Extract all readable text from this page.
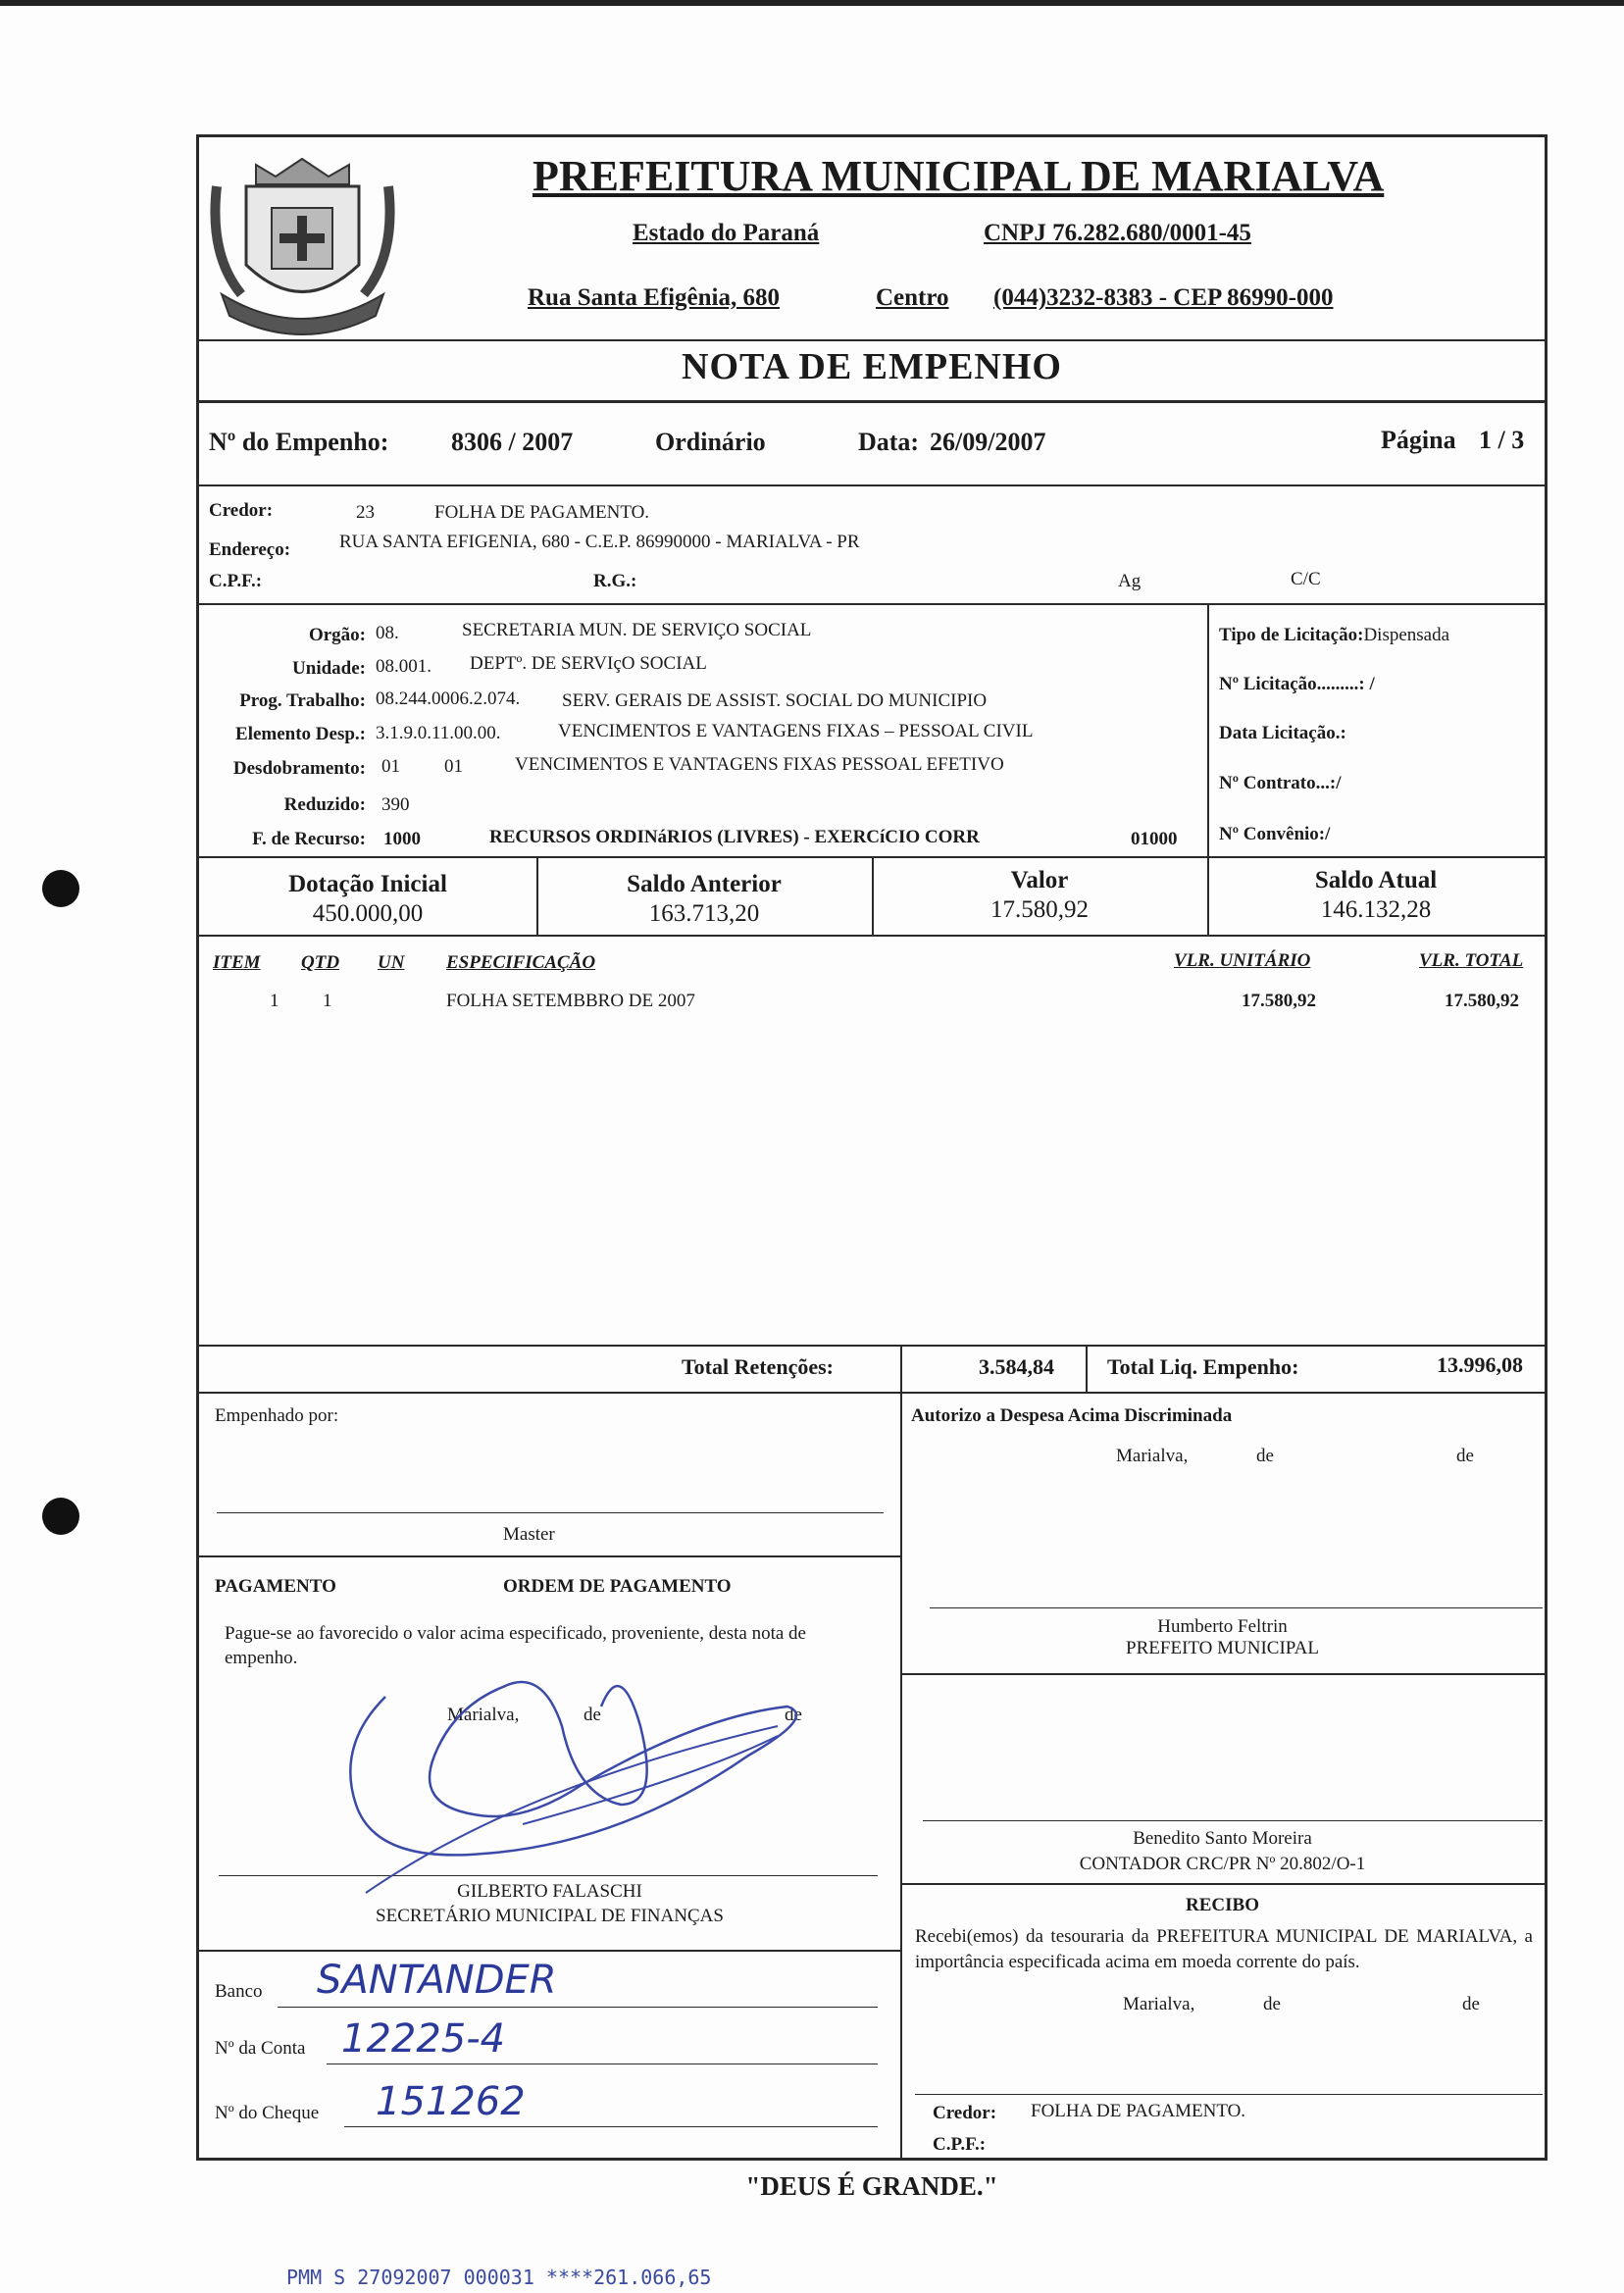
PREFEITURA MUNICIPAL DE MARIALVA
Estado do Paraná	CNPJ 76.282.680/0001-45
Rua Santa Efigênia, 680	Centro (044)3232-8383 - CEP 86990-000
NOTA DE EMPENHO
Nº do Empenho: 8306 / 2007	Ordinário	Data: 26/09/2007	Página 1 / 3
Credor:	23	FOLHA DE PAGAMENTO.
Endereço:	RUA SANTA EFIGENIA, 680 - C.E.P. 86990000 - MARIALVA - PR
C.P.F.:	R.G.:	Ag	C/C
Orgão: 08.	SECRETARIA MUN. DE SERVIÇO SOCIAL
Unidade: 08.001. DEPTº. DE SERVIçO SOCIAL
Prog. Trabalho: 08.244.0006.2.074. SERV. GERAIS DE ASSIST. SOCIAL DO MUNICIPIO
Elemento Desp.: 3.1.9.0.11.00.00.	VENCIMENTOS E VANTAGENS FIXAS – PESSOAL CIVIL
Desdobramento: 01 01	VENCIMENTOS E VANTAGENS FIXAS PESSOAL EFETIVO
Reduzido: 390
F. de Recurso: 1000	RECURSOS ORDINáRIOS (LIVRES) - EXERCíCIO CORR	01000
Tipo de Licitação:Dispensada
Nº Licitação.........: /
Data Licitação.:
Nº Contrato...:/
Nº Convênio:/
Dotação Inicial
450.000,00
Saldo Anterior
163.713,20
Valor
17.580,92
Saldo Atual
146.132,28
ITEM QTD UN ESPECIFICAÇÃO	VLR. UNITÁRIO	VLR. TOTAL
1 1	FOLHA SETEMBBRO DE 2007	17.580,92	17.580,92
Total Retenções:	3.584,84 Total Liq. Empenho:	13.996,08
Empenhado por:
Master
PAGAMENTO	ORDEM DE PAGAMENTO
Pague-se ao favorecido o valor acima especificado, proveniente, desta nota de empenho.
Marialva,	de	de
GILBERTO FALASCHI
SECRETÁRIO MUNICIPAL DE FINANÇAS
Banco SANTANDER
Nº da Conta 12225-4
Nº do Cheque 151262
Autorizo a Despesa Acima Discriminada
Marialva,	de	de
Humberto Feltrin
PREFEITO MUNICIPAL
Benedito Santo Moreira
CONTADOR CRC/PR Nº 20.802/O-1
RECIBO
Recebi(emos) da tesouraria da PREFEITURA MUNICIPAL DE MARIALVA, a importância especificada acima em moeda corrente do país.
Marialva,	de	de
Credor: FOLHA DE PAGAMENTO.
C.P.F.:
"DEUS É GRANDE."
PMM S 27092007 000031 ****261.066,65
